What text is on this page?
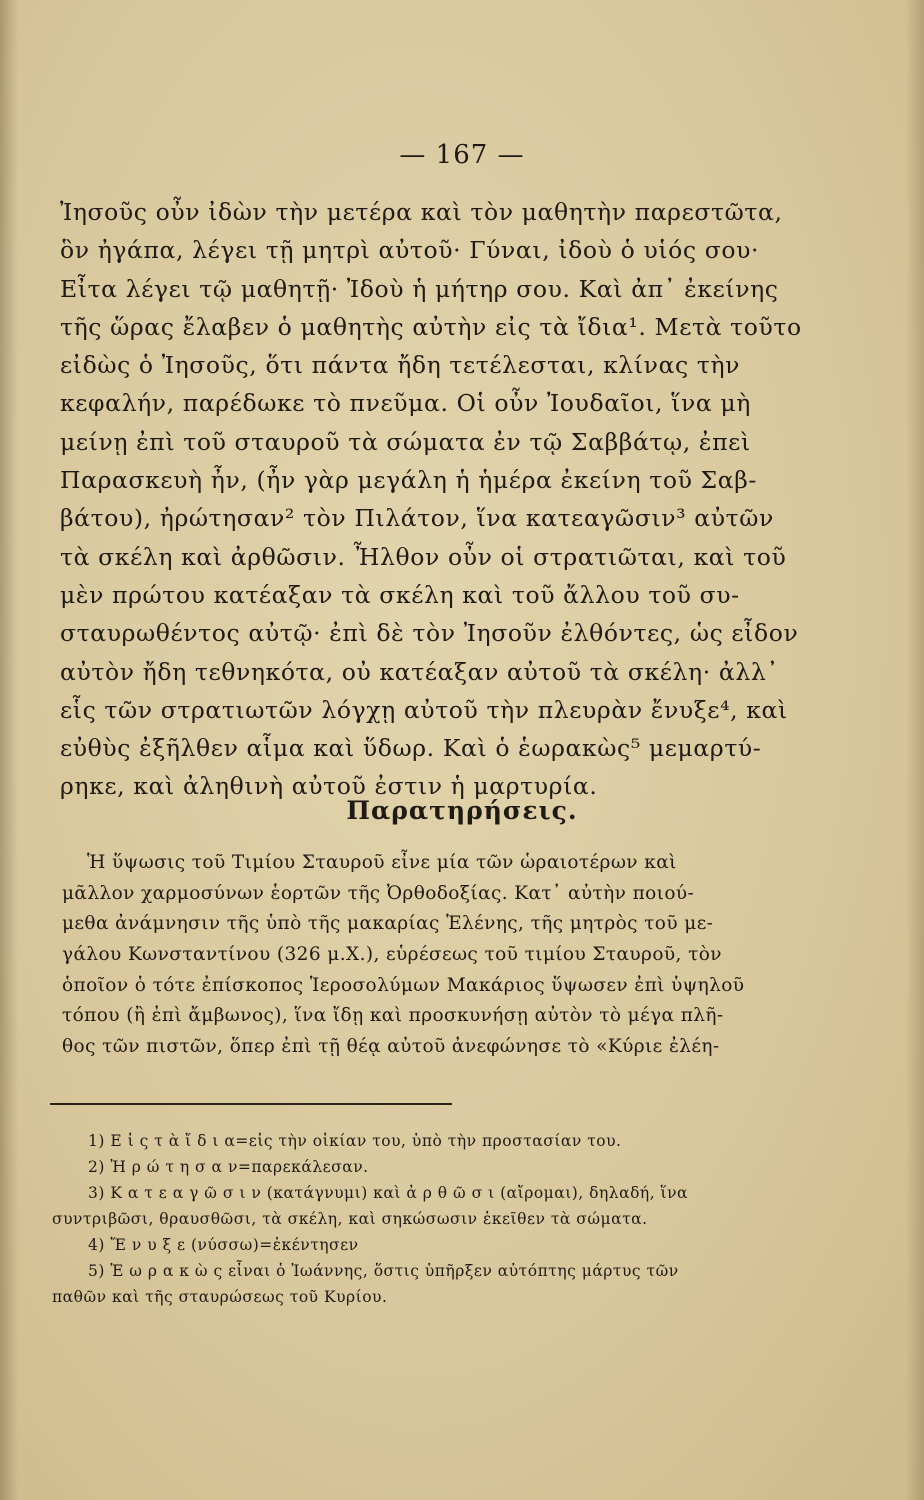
— 167 —
Ἰησοῦς οὖν ἰδὼν τὴν μετέρα καὶ τὸν μαθητὴν παρεστῶτα,
ὃν ἠγάπα, λέγει τῇ μητρὶ αὐτοῦ· Γύναι, ἰδοὺ ὁ υἱός σου·
Εἶτα λέγει τῷ μαθητῇ· Ἰδοὺ ἡ μήτηρ σου. Καὶ ἀπ᾽ ἐκείνης
τῆς ὥρας ἔλαβεν ὁ μαθητὴς αὐτὴν εἰς τὰ ἴδια¹. Μετὰ τοῦτο
εἰδὼς ὁ Ἰησοῦς, ὅτι πάντα ἤδη τετέλεσται, κλίνας τὴν
κεφαλήν, παρέδωκε τὸ πνεῦμα. Οἱ οὖν Ἰουδαῖοι, ἵνα μὴ
μείνῃ ἐπὶ τοῦ σταυροῦ τὰ σώματα ἐν τῷ Σαββάτῳ, ἐπεὶ
Παρασκευὴ ἦν, (ἦν γὰρ μεγάλη ἡ ἡμέρα ἐκείνη τοῦ Σαβ-
βάτου), ἠρώτησαν² τὸν Πιλάτον, ἵνα κατεαγῶσιν³ αὐτῶν
τὰ σκέλη καὶ ἀρθῶσιν. Ἦλθον οὖν οἱ στρατιῶται, καὶ τοῦ
μὲν πρώτου κατέαξαν τὰ σκέλη καὶ τοῦ ἄλλου τοῦ συ-
σταυρωθέντος αὐτῷ· ἐπὶ δὲ τὸν Ἰησοῦν ἐλθόντες, ὡς εἶδον
αὐτὸν ἤδη τεθνηκότα, οὐ κατέαξαν αὐτοῦ τὰ σκέλη· ἀλλ᾽
εἷς τῶν στρατιωτῶν λόγχῃ αὐτοῦ τὴν πλευρὰν ἔνυξε⁴, καὶ
εὐθὺς ἐξῆλθεν αἷμα καὶ ὕδωρ. Καὶ ὁ ἑωρακὼς⁵ μεμαρτύ-
ρηκε, καὶ ἀληθινὴ αὐτοῦ ἐστιν ἡ μαρτυρία.
Παρατηρήσεις.
Ἡ ὕψωσις τοῦ Τιμίου Σταυροῦ εἶνε μία τῶν ὡραιοτέρων καὶ
μᾶλλον χαρμοσύνων ἑορτῶν τῆς Ὀρθοδοξίας. Κατ᾽ αὐτὴν ποιού-
μεθα ἀνάμνησιν τῆς ὑπὸ τῆς μακαρίας Ἑλένης, τῆς μητρὸς τοῦ με-
γάλου Κωνσταντίνου (326 μ.Χ.), εὑρέσεως τοῦ τιμίου Σταυροῦ, τὸν
ὁποῖον ὁ τότε ἐπίσκοπος Ἱεροσολύμων Μακάριος ὕψωσεν ἐπὶ ὑψηλοῦ
τόπου (ἢ ἐπὶ ἄμβωνος), ἵνα ἴδῃ καὶ προσκυνήσῃ αὐτὸν τὸ μέγα πλῆ-
θος τῶν πιστῶν, ὅπερ ἐπὶ τῇ θέᾳ αὐτοῦ ἀνεφώνησε τὸ «Κύριε ἐλέη-
1) Ε ἰ ς τ ὰ ἴ δ ι α=εἰς τὴν οἰκίαν του, ὑπὸ τὴν προστασίαν του.
2) Ἠ ρ ώ τ η σ α ν=παρεκάλεσαν.
3) Κ α τ ε α γ ῶ σ ι ν (κατάγνυμι) καὶ ἀ ρ θ ῶ σ ι (αἴρομαι), δηλαδή, ἵνα
συντριβῶσι, θραυσθῶσι, τὰ σκέλη, καὶ σηκώσωσιν ἐκεῖθεν τὰ σώματα.
4) Ἔ ν υ ξ ε (νύσσω)=ἐκέντησεν
5) Ἑ ω ρ α κ ὼ ς εἶναι ὁ Ἰωάννης, ὅστις ὑπῆρξεν αὐτόπτης μάρτυς τῶν
παθῶν καὶ τῆς σταυρώσεως τοῦ Κυρίου.
